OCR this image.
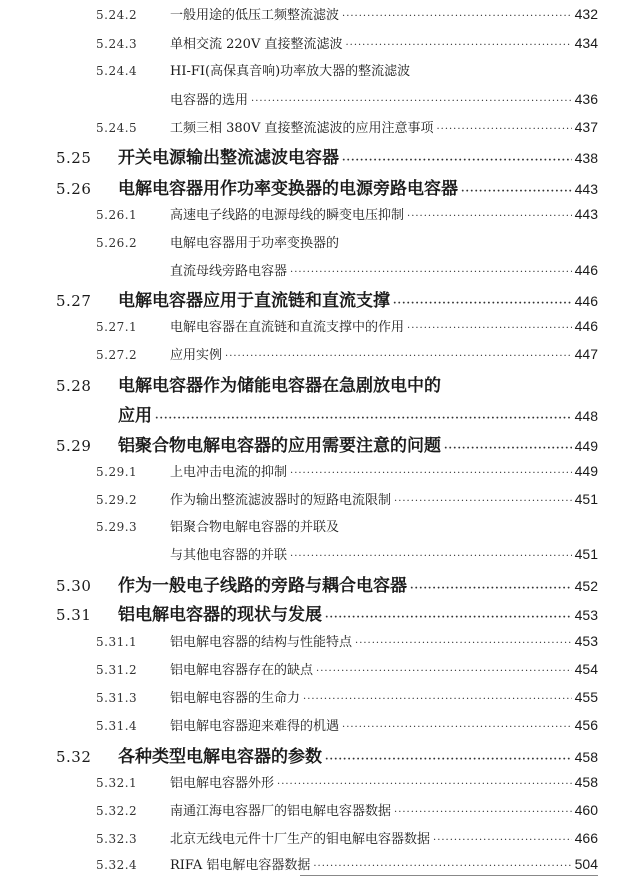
5.24.2	一般用途的低压工频整流滤波 ·····	432
5.24.3	单相交流 220V 直接整流滤波 ·····	434
5.24.4	HI-FI(高保真音响)功率放大器的整流滤波
电容器的选用 ·····	436
5.24.5	工频三相 380V 直接整流滤波的应用注意事项 ·····	437
5.25	开关电源输出整流滤波电容器 ·····	438
5.26	电解电容器用作功率变换器的电源旁路电容器 ·····	443
5.26.1	高速电子线路的电源母线的瞬变电压抑制 ·····	443
5.26.2	电解电容器用于功率变换器的
直流母线旁路电容器 ·····	446
5.27	电解电容器应用于直流链和直流支撑 ·····	446
5.27.1	电解电容器在直流链和直流支撑中的作用 ·····	446
5.27.2	应用实例 ·····	447
5.28	电解电容器作为储能电容器在急剧放电中的
应用 ·····	448
5.29	铝聚合物电解电容器的应用需要注意的问题 ·····	449
5.29.1	上电冲击电流的抑制 ·····	449
5.29.2	作为输出整流滤波器时的短路电流限制 ·····	451
5.29.3	铝聚合物电解电容器的并联及
与其他电容器的并联 ·····	451
5.30	作为一般电子线路的旁路与耦合电容器 ·····	452
5.31	铝电解电容器的现状与发展 ·····	453
5.31.1	铝电解电容器的结构与性能特点 ·····	453
5.31.2	铝电解电容器存在的缺点 ·····	454
5.31.3	铝电解电容器的生命力 ·····	455
5.31.4	铝电解电容器迎来难得的机遇 ·····	456
5.32	各种类型电解电容器的参数 ·····	458
5.32.1	铝电解电容器外形 ·····	458
5.32.2	南通江海电容器厂的铝电解电容器数据 ·····	460
5.32.3	北京无线电元件十厂生产的钼电解电容器数据 ·····	466
5.32.4	RIFA 铝电解电容器数据 ·····	504
